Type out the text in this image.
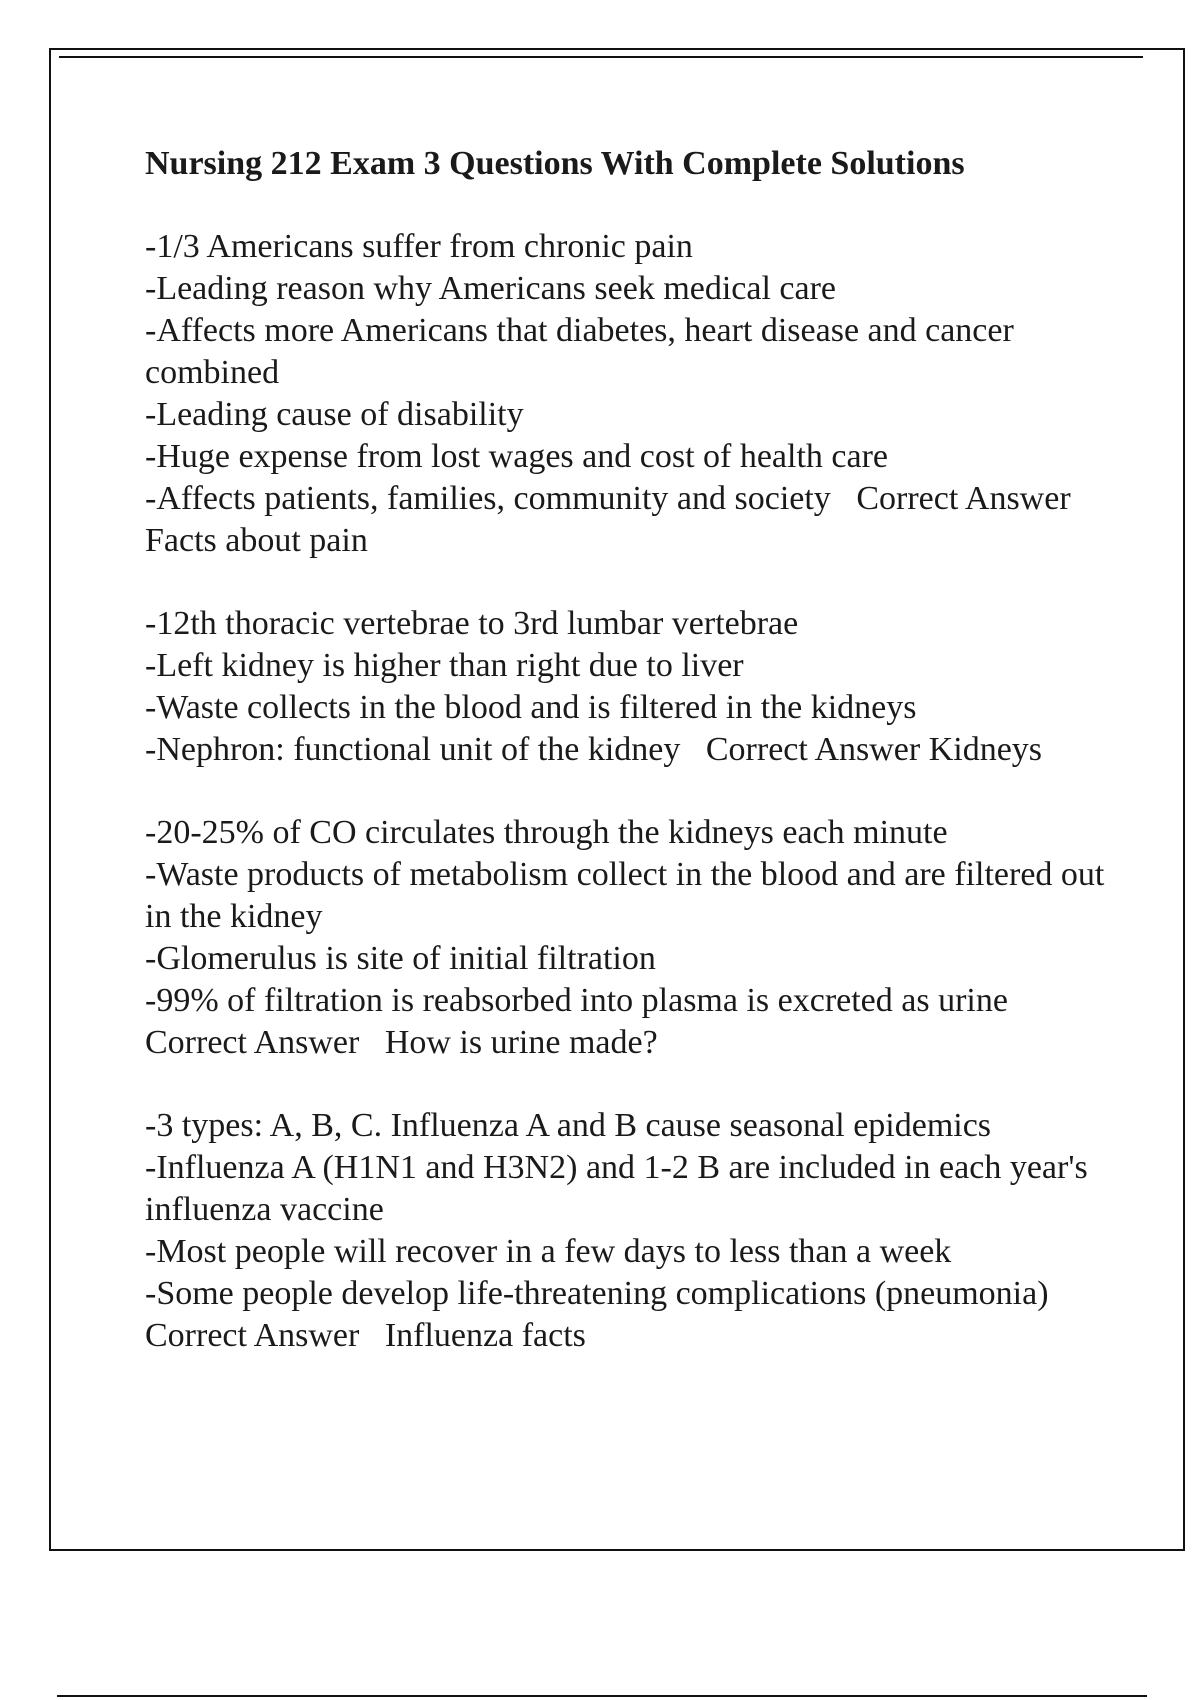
Nursing 212 Exam 3 Questions With Complete Solutions
-1/3 Americans suffer from chronic pain
-Leading reason why Americans seek medical care
-Affects more Americans that diabetes, heart disease and cancer combined
-Leading cause of disability
-Huge expense from lost wages and cost of health care
-Affects patients, families, community and society Correct Answer   Facts about pain
-12th thoracic vertebrae to 3rd lumbar vertebrae
-Left kidney is higher than right due to liver
-Waste collects in the blood and is filtered in the kidneys
-Nephron: functional unit of the kidney Correct Answer Kidneys
-20-25% of CO circulates through the kidneys each minute
-Waste products of metabolism collect in the blood and are filtered out in the kidney
-Glomerulus is site of initial filtration
-99% of filtration is reabsorbed into plasma is excreted as urine Correct Answer How is urine made?
-3 types: A, B, C. Influenza A and B cause seasonal epidemics
-Influenza A (H1N1 and H3N2) and 1-2 B are included in each year's influenza vaccine
-Most people will recover in a few days to less than a week
-Some people develop life-threatening complications (pneumonia)   Correct Answer Influenza facts
